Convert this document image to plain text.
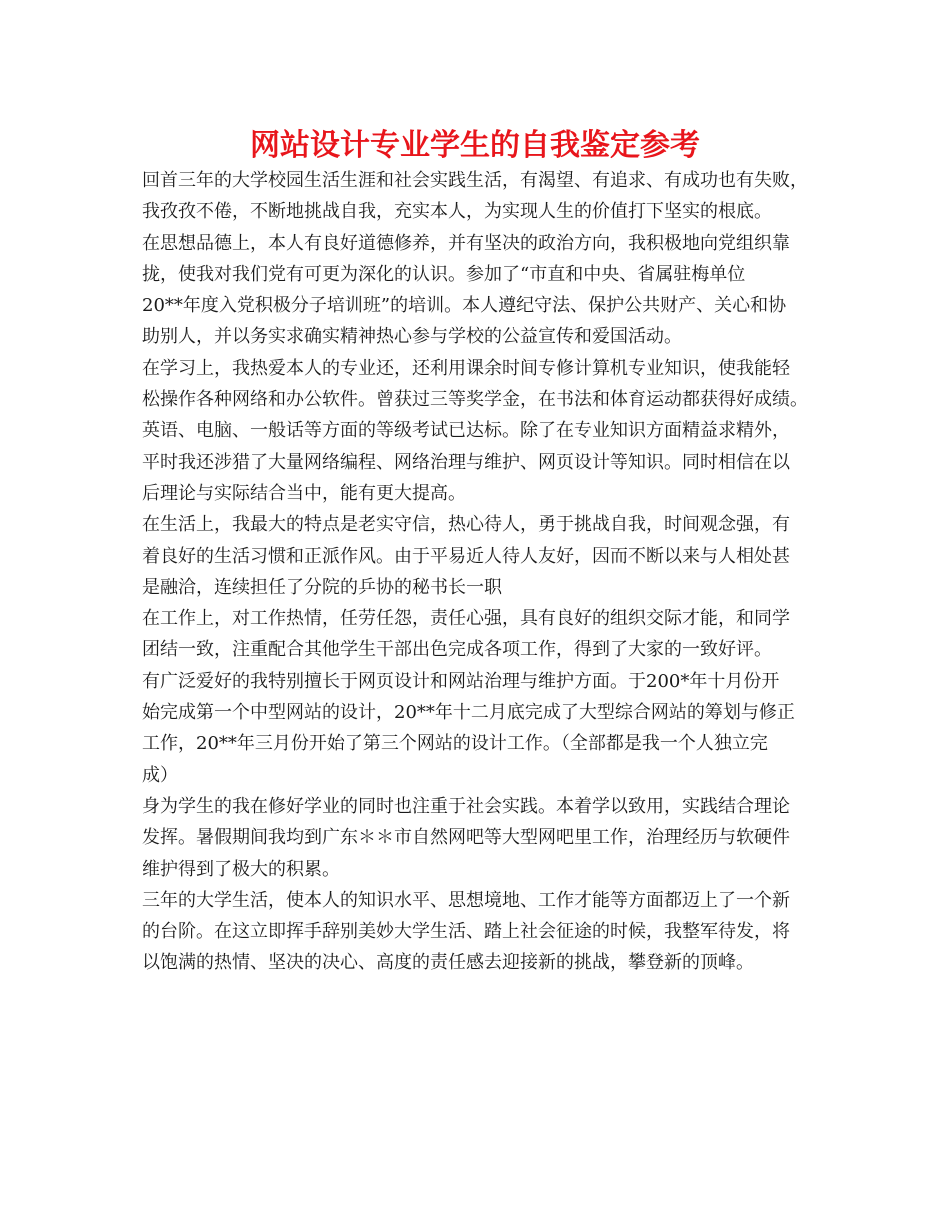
网站设计专业学生的自我鉴定参考

回首三年的大学校园生活生涯和社会实践生活，有渴望、有追求、有成功也有失败，

我孜孜不倦，不断地挑战自我，充实本人，为实现人生的价值打下坚实的根底。

在思想品德上，本人有良好道德修养，并有坚决的政治方向，我积极地向党组织靠

拢，使我对我们党有可更为深化的认识。参加了“市直和中央、省属驻梅单位

20**年度入党积极分子培训班”的培训。本人遵纪守法、保护公共财产、关心和协

助别人，并以务实求确实精神热心参与学校的公益宣传和爱国活动。

在学习上，我热爱本人的专业还，还利用课余时间专修计算机专业知识，使我能轻

松操作各种网络和办公软件。曾获过三等奖学金，在书法和体育运动都获得好成绩。

英语、电脑、一般话等方面的等级考试已达标。除了在专业知识方面精益求精外，

平时我还涉猎了大量网络编程、网络治理与维护、网页设计等知识。同时相信在以

后理论与实际结合当中，能有更大提高。

在生活上，我最大的特点是老实守信，热心待人，勇于挑战自我，时间观念强，有

着良好的生活习惯和正派作风。由于平易近人待人友好，因而不断以来与人相处甚

是融洽，连续担任了分院的乒协的秘书长一职

在工作上，对工作热情，任劳任怨，责任心强，具有良好的组织交际才能，和同学

团结一致，注重配合其他学生干部出色完成各项工作，得到了大家的一致好评。

有广泛爱好的我特别擅长于网页设计和网站治理与维护方面。于200*年十月份开

始完成第一个中型网站的设计，20**年十二月底完成了大型综合网站的筹划与修正

工作，20**年三月份开始了第三个网站的设计工作。（全部都是我一个人独立完

成）

身为学生的我在修好学业的同时也注重于社会实践。本着学以致用，实践结合理论

发挥。暑假期间我均到广东＊＊市自然网吧等大型网吧里工作，治理经历与软硬件

维护得到了极大的积累。

三年的大学生活，使本人的知识水平、思想境地、工作才能等方面都迈上了一个新

的台阶。在这立即挥手辞别美妙大学生活、踏上社会征途的时候，我整军待发，将

以饱满的热情、坚决的决心、高度的责任感去迎接新的挑战，攀登新的顶峰。
